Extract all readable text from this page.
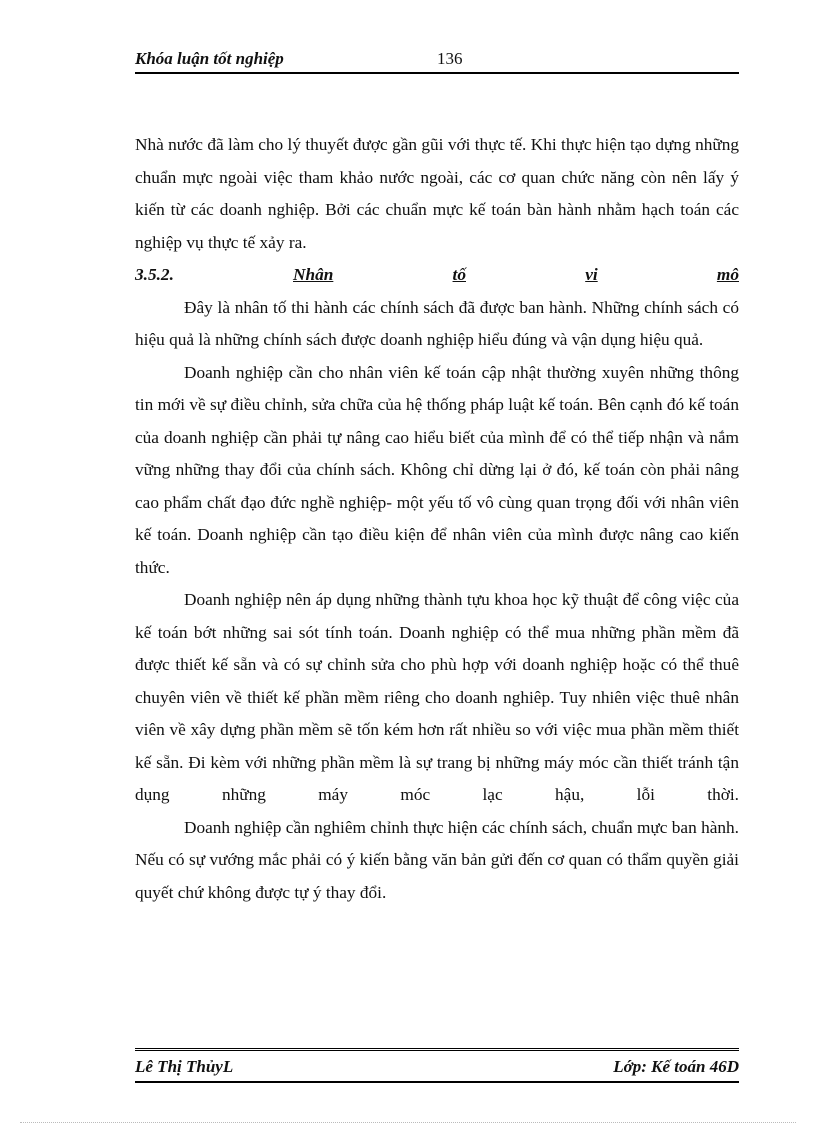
Khóa luận tốt nghiệp	136

Nhà nước đã làm cho lý thuyết được gần gũi với thực tế. Khi thực hiện tạo dựng những chuẩn mực ngoài việc tham khảo nước ngoài, các cơ quan chức năng còn nên lấy ý kiến từ các doanh nghiệp. Bởi các chuẩn mực kế toán bàn hành nhằm hạch toán các nghiệp vụ thực tế xảy ra.

3.5.2.	Nhân	tố	vi	mô

Đây là nhân tố thi hành các chính sách đã được ban hành. Những chính sách có hiệu quả là những chính sách được doanh nghiệp hiểu đúng và vận dụng hiệu quả.

Doanh nghiệp cần cho nhân viên kế toán cập nhật thường xuyên những thông tin mới về sự điều chỉnh, sửa chữa của hệ thống pháp luật kế toán. Bên cạnh đó kế toán của doanh nghiệp cần phải tự nâng cao hiểu biết của mình để có thể tiếp nhận và nắm vững những thay đổi của chính sách. Không chỉ dừng lại ở đó, kế toán còn phải nâng cao phẩm chất đạo đức nghề nghiệp- một yếu tố vô cùng quan trọng đối với nhân viên kế toán. Doanh nghiệp cần tạo điều kiện để nhân viên của mình được nâng cao kiến thức.

Doanh nghiệp nên áp dụng những thành tựu khoa học kỹ thuật để công việc của kế toán bớt những sai sót tính toán. Doanh nghiệp có thể mua những phần mềm đã được thiết kế sẵn và có sự chỉnh sửa cho phù hợp với doanh nghiệp hoặc có thể thuê chuyên viên về thiết kế phần mềm riêng cho doanh nghiêp. Tuy nhiên việc thuê nhân viên về xây dựng phần mềm sẽ tốn kém hơn rất nhiều so với việc mua phần mềm thiết kế sẵn. Đi kèm với những phần mềm là sự trang bị những máy móc cần thiết tránh tận dụng những máy móc lạc hậu, lỗi thời.

Doanh nghiệp cần nghiêm chỉnh thực hiện các chính sách, chuẩn mực ban hành. Nếu có sự vướng mắc phải có ý kiến bằng văn bản gửi đến cơ quan có thẩm quyền giải quyết chứ không được tự ý thay đổi.

Lê Thị ThủyL	Lớp: Kế toán 46D
